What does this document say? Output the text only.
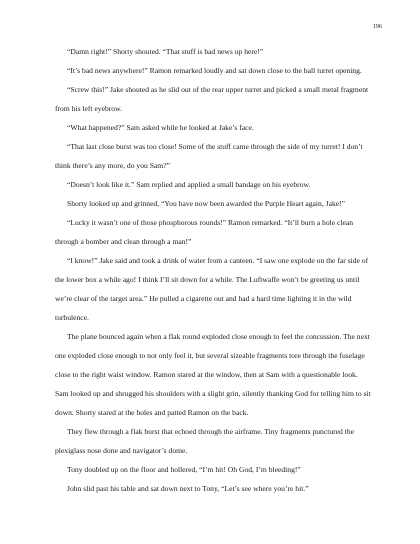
196

“Damn right!” Shorty shouted. “That stuff is bad news up here!”

“It’s bad news anywhere!” Ramon remarked loudly and sat down close to the ball turret opening.

“Screw this!” Jake shouted as he slid out of the rear upper turret and picked a small metal fragment from his left eyebrow.

“What happened?” Sam asked while he looked at Jake’s face.

“That last close burst was too close! Some of the stuff came through the side of my turret! I don’t think there’s any more, do you Sam?”

“Doesn’t look like it.” Sam replied and applied a small bandage on his eyebrow.

Shorty looked up and grinned, “You have now been awarded the Purple Heart again, Jake!”

“Lucky it wasn’t one of those phosphorous rounds!” Ramon remarked. “It’ll burn a hole clean through a bomber and clean through a man!”

“I know!” Jake said and took a drink of water from a canteen. “I saw one explode on the far side of the lower box a while ago! I think I’ll sit down for a while. The Luftwaffe won’t be greeting us until we’re clear of the target area.” He pulled a cigarette out and had a hard time lighting it in the wild turbulence.

The plane bounced again when a flak round exploded close enough to feel the concussion. The next one exploded close enough to not only feel it, but several sizeable fragments tore through the fuselage close to the right waist window. Ramon stared at the window, then at Sam with a questionable look. Sam looked up and shrugged his shoulders with a slight grin, silently thanking God for telling him to sit down. Shorty stared at the holes and patted Ramon on the back.

They flew through a flak burst that echoed through the airframe. Tiny fragments punctured the plexiglass nose done and navigator’s dome.

Tony doubled up on the floor and hollered, “I’m hit! Oh God, I’m bleeding!”

John slid past his table and sat down next to Tony, “Let’s see where you’re hit.”
